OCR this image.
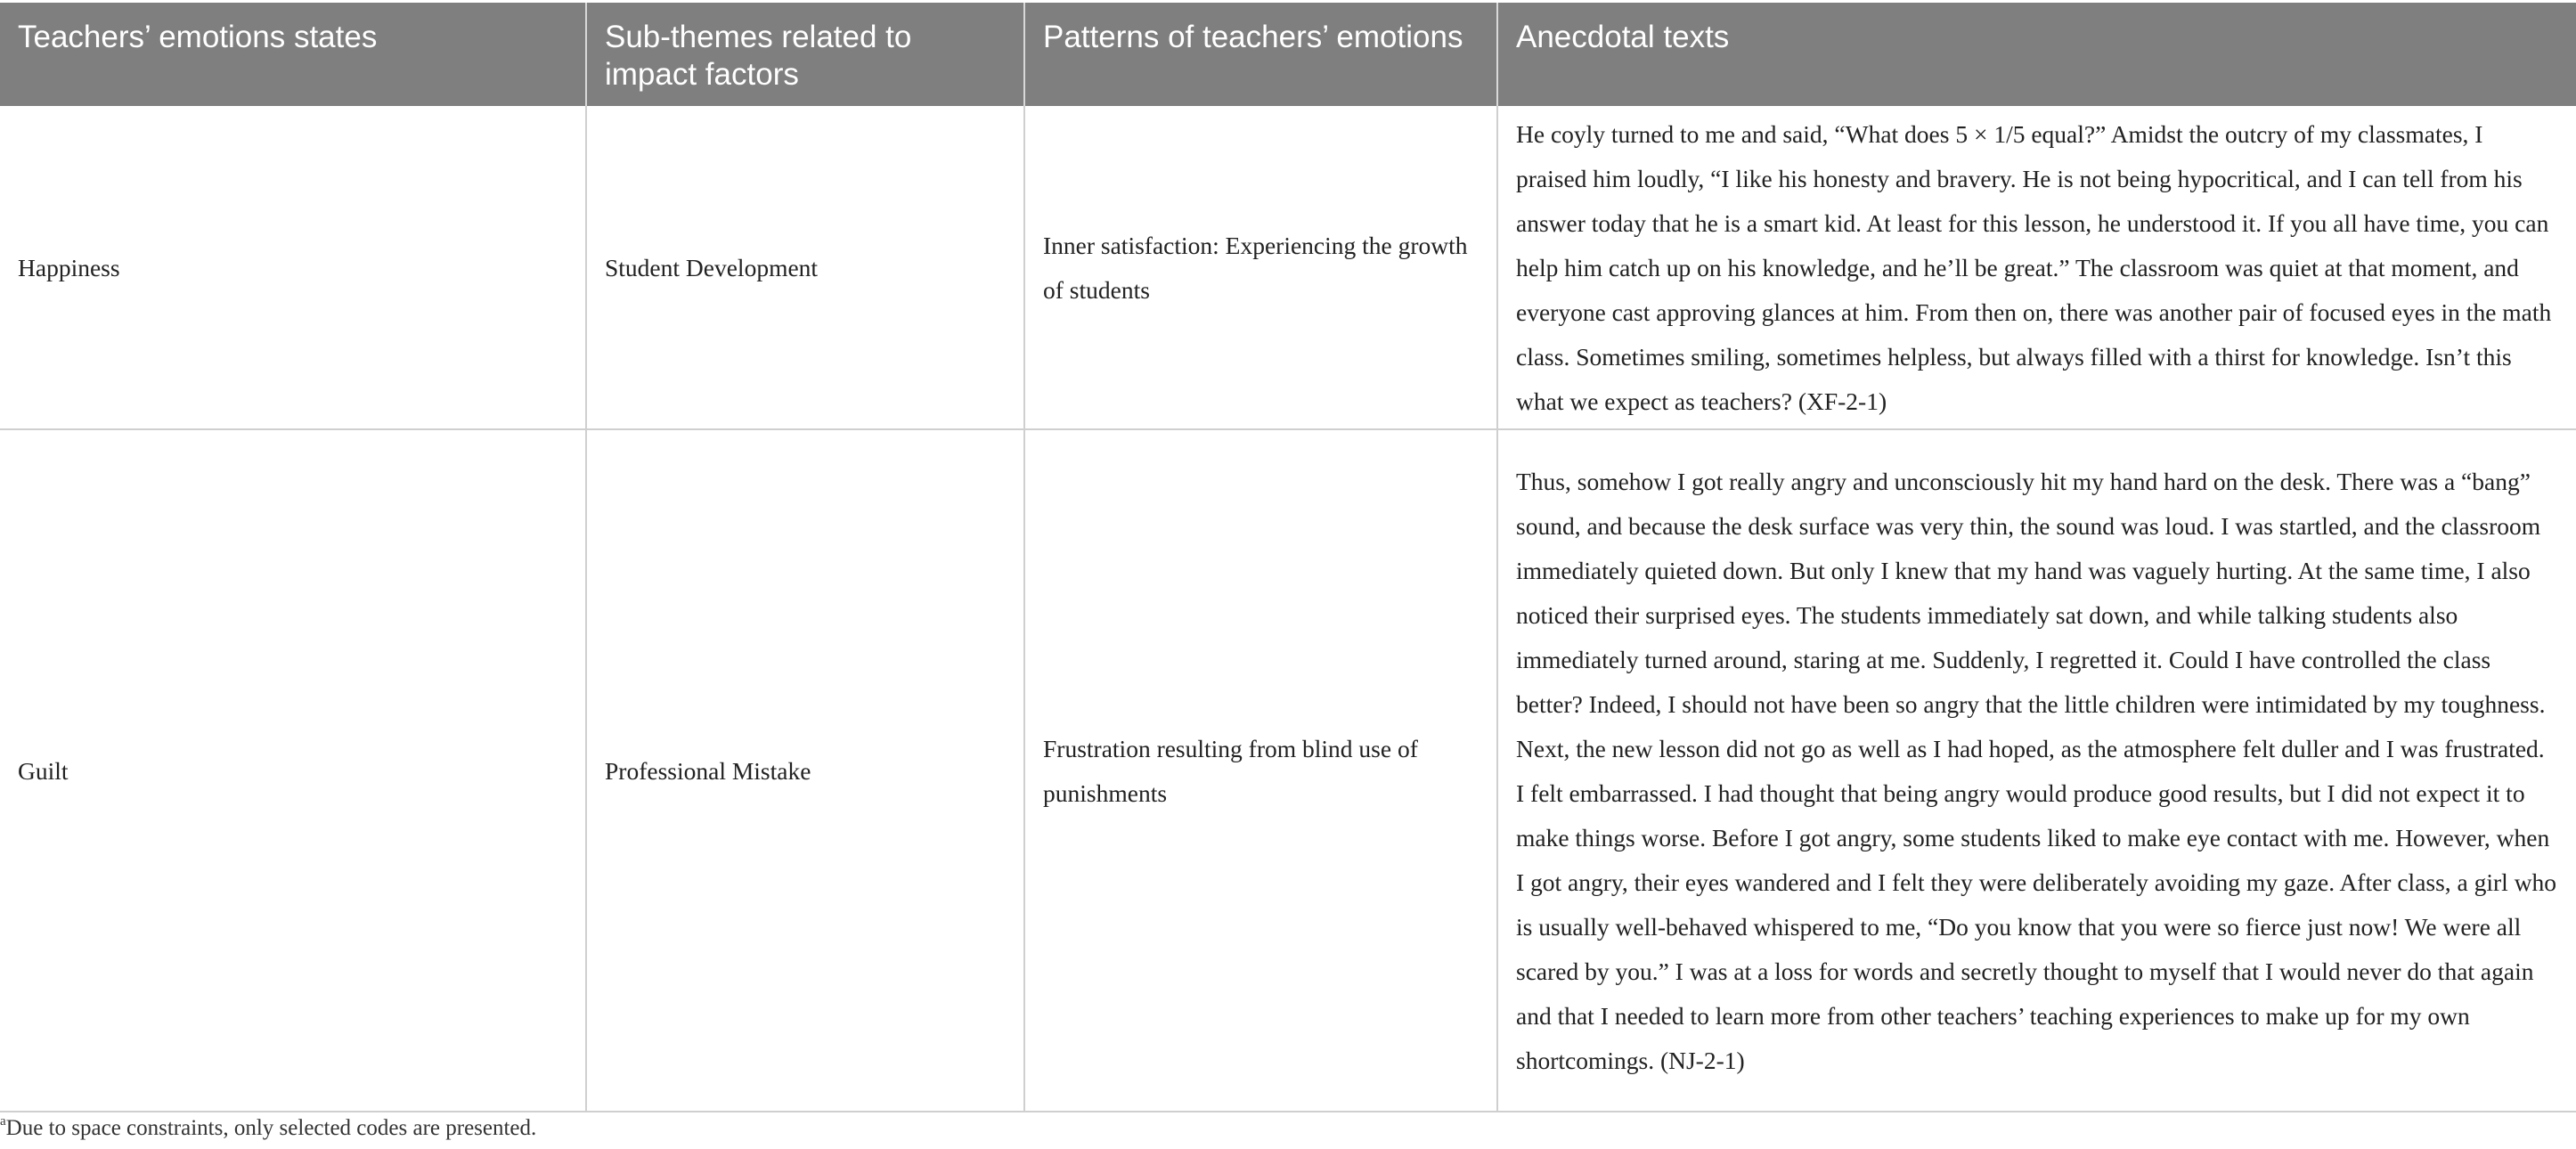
Teachers’ emotions states	Sub-themes related to impact factors	Patterns of teachers’ emotions	Anecdotal texts
Happiness	Student Development	Inner satisfaction: Experiencing the growth of students	He coyly turned to me and said, “What does 5 × 1/5 equal?” Amidst the outcry of my classmates, I praised him loudly, “I like his honesty and bravery. He is not being hypocritical, and I can tell from his answer today that he is a smart kid. At least for this lesson, he understood it. If you all have time, you can help him catch up on his knowledge, and he’ll be great.” The classroom was quiet at that moment, and everyone cast approving glances at him. From then on, there was another pair of focused eyes in the math class. Sometimes smiling, sometimes helpless, but always filled with a thirst for knowledge. Isn’t this what we expect as teachers? (XF-2-1)

Guilt	Professional Mistake	Frustration resulting from blind use of punishments	Thus, somehow I got really angry and unconsciously hit my hand hard on the desk. There was a “bang” sound, and because the desk surface was very thin, the sound was loud. I was startled, and the classroom immediately quieted down. But only I knew that my hand was vaguely hurting. At the same time, I also noticed their surprised eyes. The students immediately sat down, and while talking students also immediately turned around, staring at me. Suddenly, I regretted it. Could I have controlled the class better? Indeed, I should not have been so angry that the little children were intimidated by my toughness.

Next, the new lesson did not go as well as I had hoped, as the atmosphere felt duller and I was frustrated. I felt embarrassed. I had thought that being angry would produce good results, but I did not expect it to make things worse. Before I got angry, some students liked to make eye contact with me. However, when I got angry, their eyes wandered and I felt they were deliberately avoiding my gaze. After class, a girl who is usually well-behaved whispered to me, “Do you know that you were so fierce just now! We were all scared by you.” I was at a loss for words and secretly thought to myself that I would never do that again and that I needed to learn more from other teachers’ teaching experiences to make up for my own shortcomings. (NJ-2-1)

$^a$Due to space constraints, only selected codes are presented.
